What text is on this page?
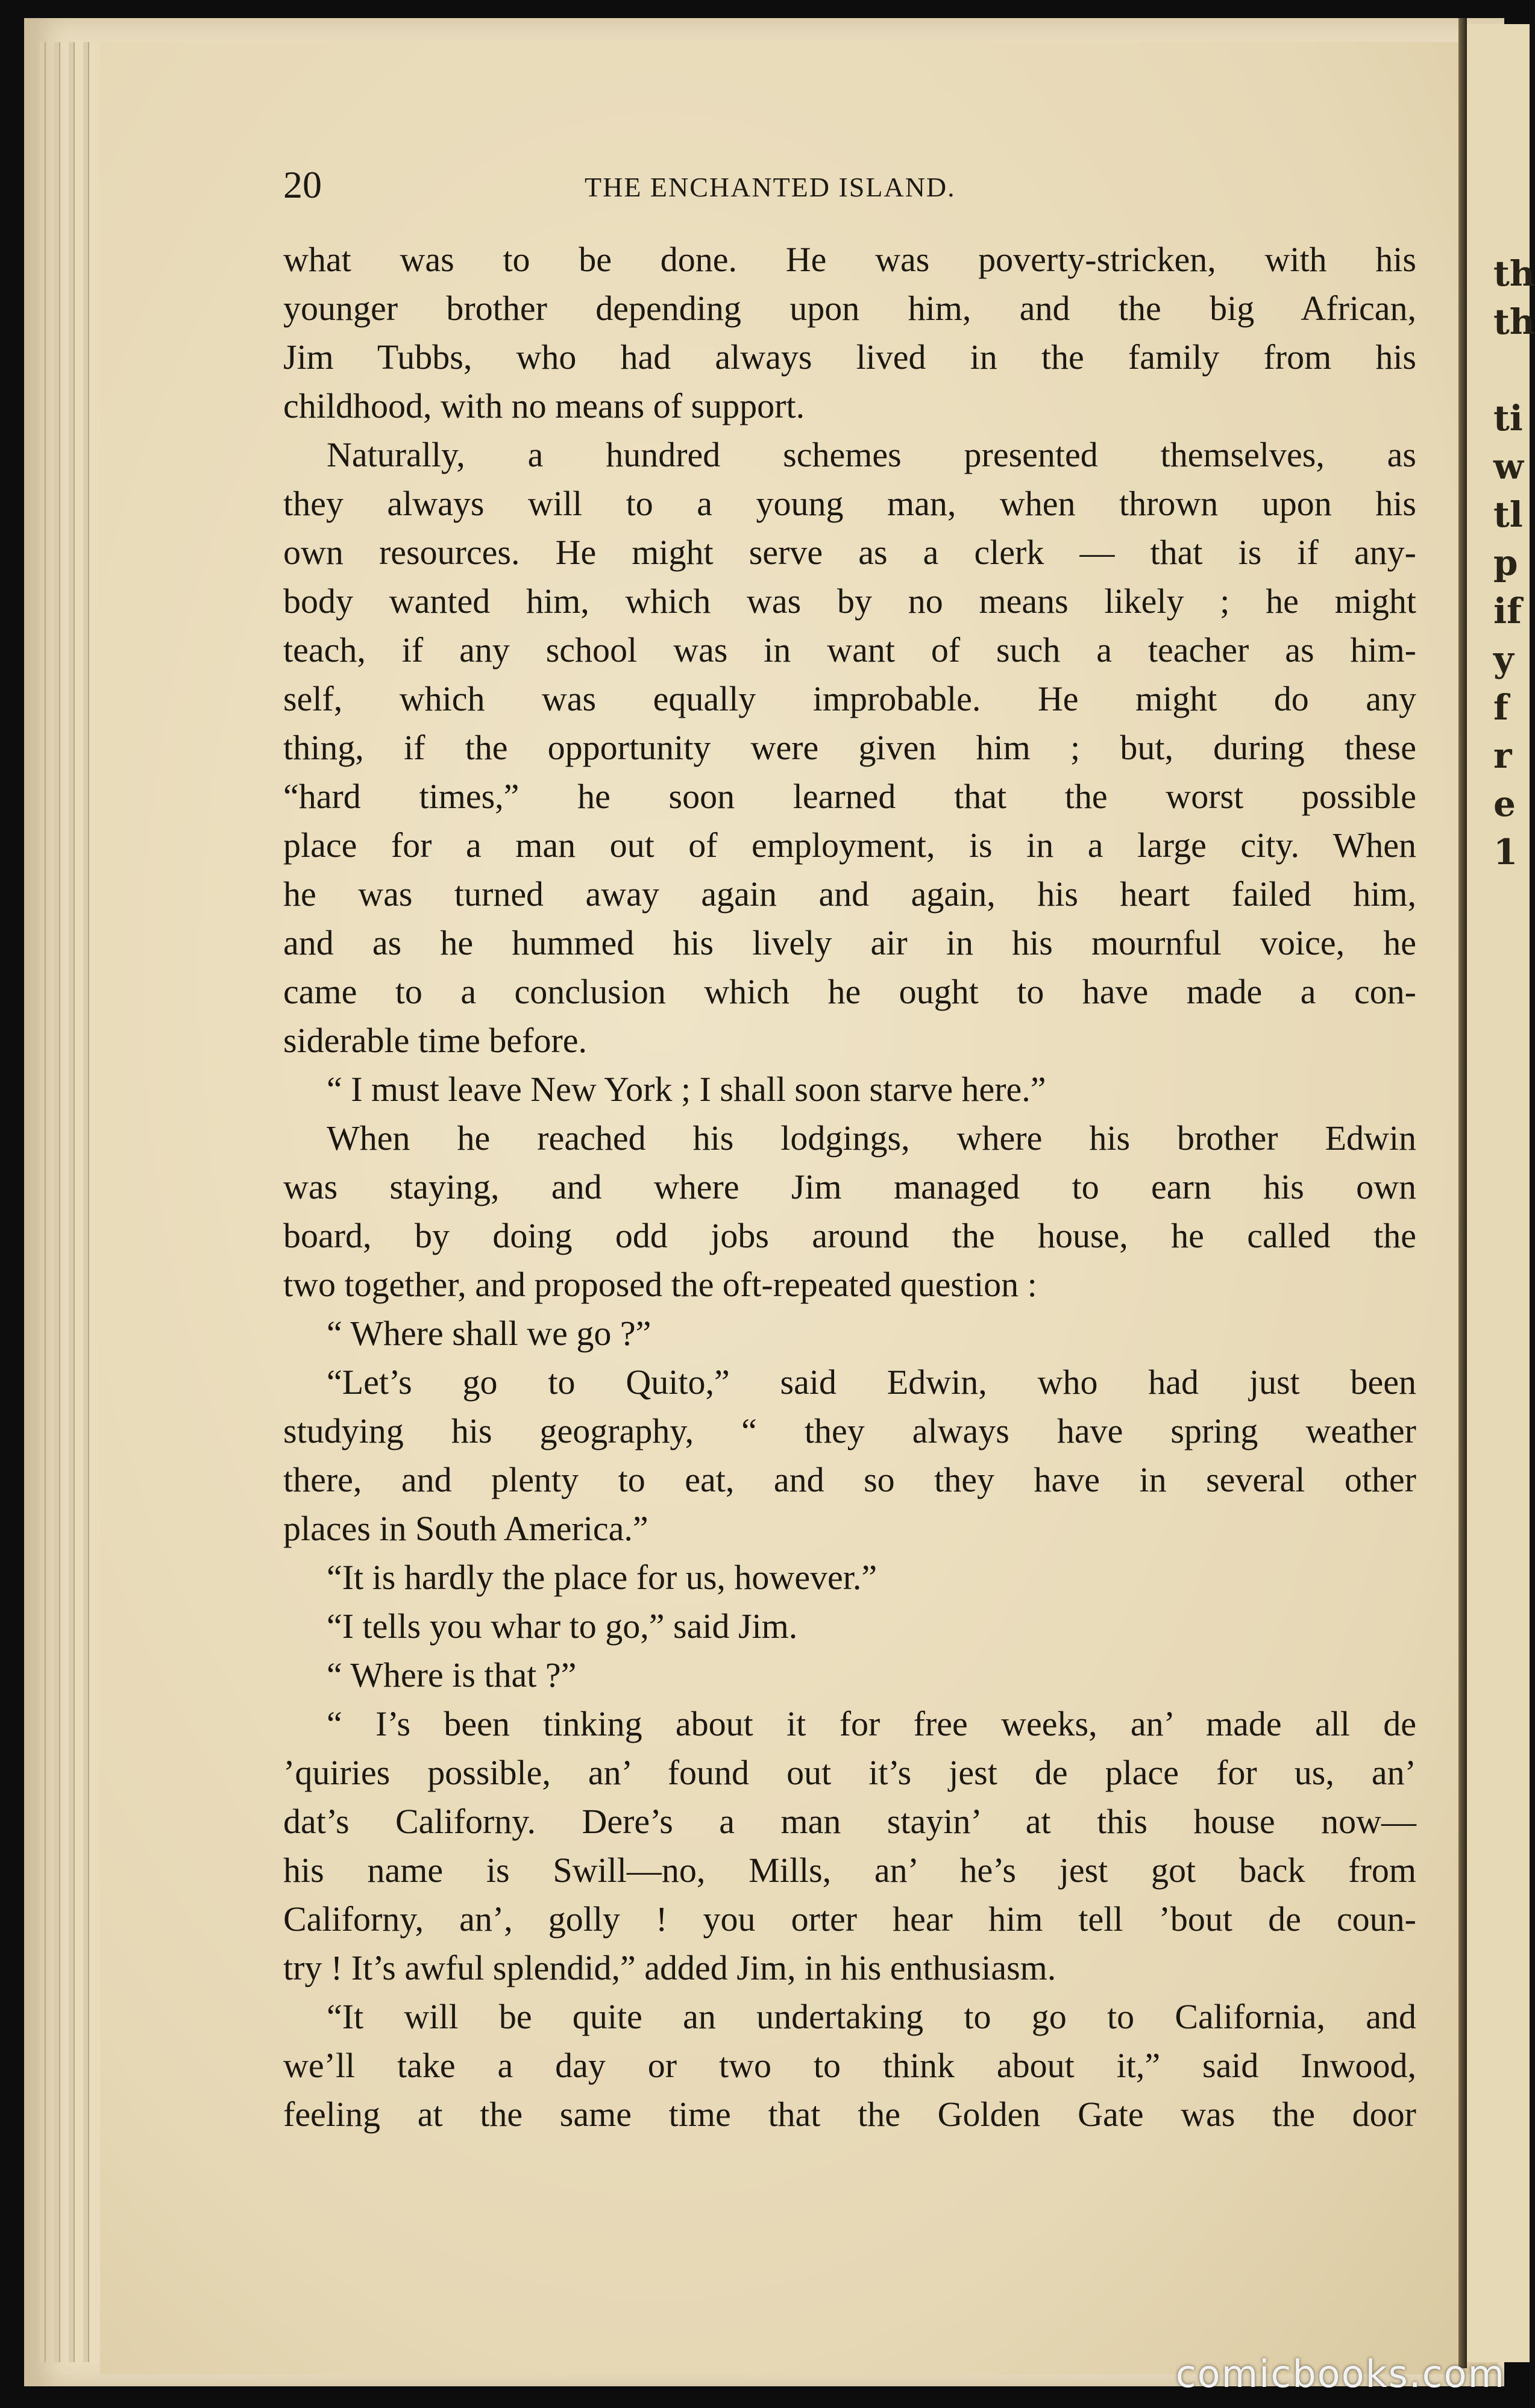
th
th
ti
w
tl
p
if
y
f
r
e
1
20	THE ENCHANTED ISLAND.
what was to be done. He was poverty-stricken, with his
younger brother depending upon him, and the big African,
Jim Tubbs, who had always lived in the family from his
childhood, with no means of support.
Naturally, a hundred schemes presented themselves, as
they always will to a young man, when thrown upon his
own resources. He might serve as a clerk — that is if any-
body wanted him, which was by no means likely ; he might
teach, if any school was in want of such a teacher as him-
self, which was equally improbable. He might do any
thing, if the opportunity were given him ; but, during these
“hard times,” he soon learned that the worst possible
place for a man out of employment, is in a large city. When
he was turned away again and again, his heart failed him,
and as he hummed his lively air in his mournful voice, he
came to a conclusion which he ought to have made a con-
siderable time before.
“ I must leave New York ; I shall soon starve here.”
When he reached his lodgings, where his brother Edwin
was staying, and where Jim managed to earn his own
board, by doing odd jobs around the house, he called the
two together, and proposed the oft-repeated question :
“ Where shall we go ?”
“Let’s go to Quito,” said Edwin, who had just been
studying his geography, “ they always have spring weather
there, and plenty to eat, and so they have in several other
places in South America.”
“It is hardly the place for us, however.”
“I tells you whar to go,” said Jim.
“ Where is that ?”
“ I’s been tinking about it for free weeks, an’ made all de
’quiries possible, an’ found out it’s jest de place for us, an’
dat’s Californy. Dere’s a man stayin’ at this house now—
his name is Swill—no, Mills, an’ he’s jest got back from
Californy, an’, golly ! you orter hear him tell ’bout de coun-
try ! It’s awful splendid,” added Jim, in his enthusiasm.
“It will be quite an undertaking to go to California, and
we’ll take a day or two to think about it,” said Inwood,
feeling at the same time that the Golden Gate was the door
comicbooks.com
